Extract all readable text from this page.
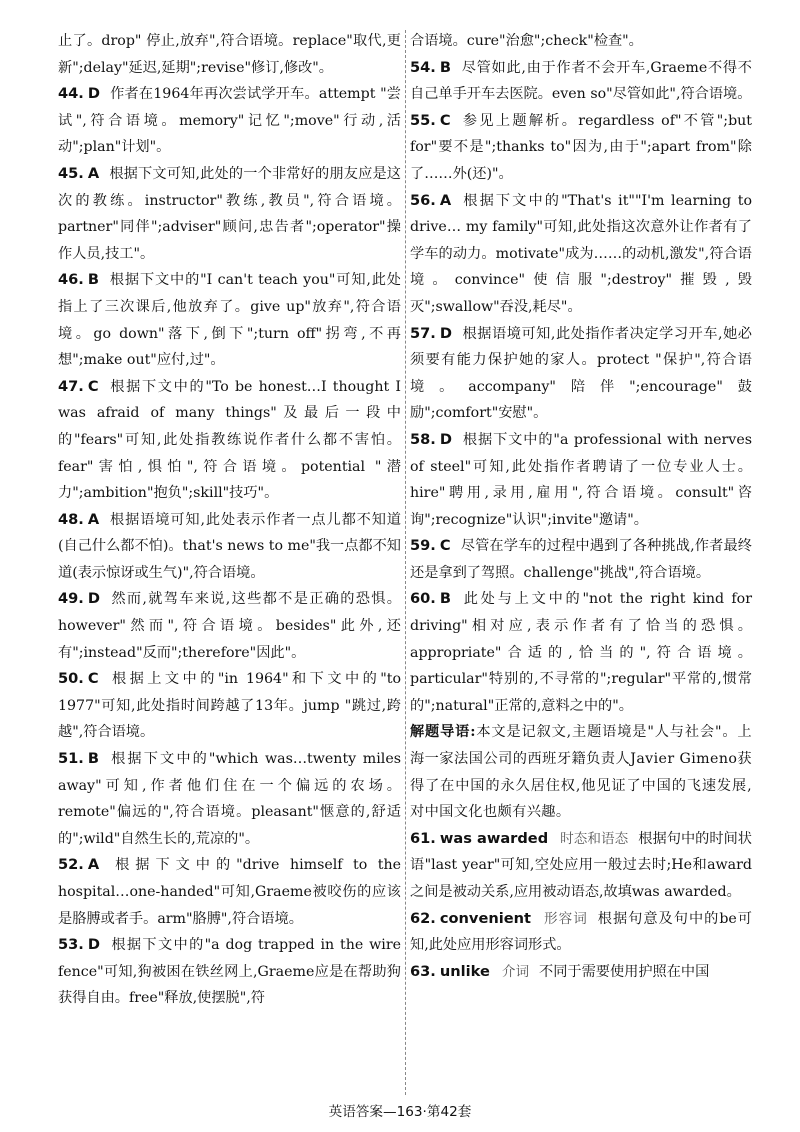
止了。drop" 停止,放弃",符合语境。replace"取代,更新";delay"延迟,延期";revise"修订,修改"。

44. D 作者在1964年再次尝试学开车。attempt "尝试",符合语境。memory"记忆";move"行动,活动";plan"计划"。

45. A 根据下文可知,此处的一个非常好的朋友应是这次的教练。instructor"教练,教员",符合语境。partner"同伴";adviser"顾问,忠告者";operator"操作人员,技工"。

46. B 根据下文中的"I can't teach you"可知,此处指上了三次课后,他放弃了。give up"放弃",符合语境。go down"落下,倒下";turn off"拐弯,不再想";make out"应付,过"。

47. C 根据下文中的"To be honest…I thought I was afraid of many things"及最后一段中的"fears"可知,此处指教练说作者什么都不害怕。fear"害怕,惧怕",符合语境。potential "潜力";ambition"抱负";skill"技巧"。

48. A 根据语境可知,此处表示作者一点儿都不知道(自己什么都不怕)。that's news to me"我一点都不知道(表示惊讶或生气)",符合语境。

49. D 然而,就驾车来说,这些都不是正确的恐惧。however"然而",符合语境。besides"此外,还有";instead"反而";therefore"因此"。

50. C 根据上文中的"in 1964"和下文中的"to 1977"可知,此处指时间跨越了13年。jump "跳过,跨越",符合语境。

51. B 根据下文中的"which was…twenty miles away"可知,作者他们住在一个偏远的农场。remote"偏远的",符合语境。pleasant"惬意的,舒适的";wild"自然生长的,荒凉的"。

52. A 根据下文中的"drive himself to the hospital…one-handed"可知,Graeme被咬伤的应该是胳膊或者手。arm"胳膊",符合语境。

53. D 根据下文中的"a dog trapped in the wire fence"可知,狗被困在铁丝网上,Graeme应是在帮助狗获得自由。free"释放,使摆脱",符

合语境。cure"治愈";check"检查"。

54. B 尽管如此,由于作者不会开车,Graeme不得不自己单手开车去医院。even so"尽管如此",符合语境。

55. C 参见上题解析。regardless of"不管";but for"要不是";thanks to"因为,由于";apart from"除了……外(还)"。

56. A 根据下文中的"That's it""I'm learning to drive… my family"可知,此处指这次意外让作者有了学车的动力。motivate"成为……的动机,激发",符合语境。convince"使信服";destroy"摧毁,毁灭";swallow"吞没,耗尽"。

57. D 根据语境可知,此处指作者决定学习开车,她必须要有能力保护她的家人。protect "保护",符合语境。accompany"陪伴";encourage"鼓励";comfort"安慰"。

58. D 根据下文中的"a professional with nerves of steel"可知,此处指作者聘请了一位专业人士。hire"聘用,录用,雇用",符合语境。consult"咨询";recognize"认识";invite"邀请"。

59. C 尽管在学车的过程中遇到了各种挑战,作者最终还是拿到了驾照。challenge"挑战",符合语境。

60. B 此处与上文中的"not the right kind for driving"相对应,表示作者有了恰当的恐惧。appropriate"合适的,恰当的",符合语境。particular"特别的,不寻常的";regular"平常的,惯常的";natural"正常的,意料之中的"。

解题导语:本文是记叙文,主题语境是"人与社会"。上海一家法国公司的西班牙籍负责人Javier Gimeno获得了在中国的永久居住权,他见证了中国的飞速发展,对中国文化也颇有兴趣。

61. was awarded 时态和语态 根据句中的时间状语"last year"可知,空处应用一般过去时;He和award之间是被动关系,应用被动语态,故填was awarded。

62. convenient 形容词 根据句意及句中的be可知,此处应用形容词形式。

63. unlike 介词 不同于需要使用护照在中国

英语答案—163·第42套
